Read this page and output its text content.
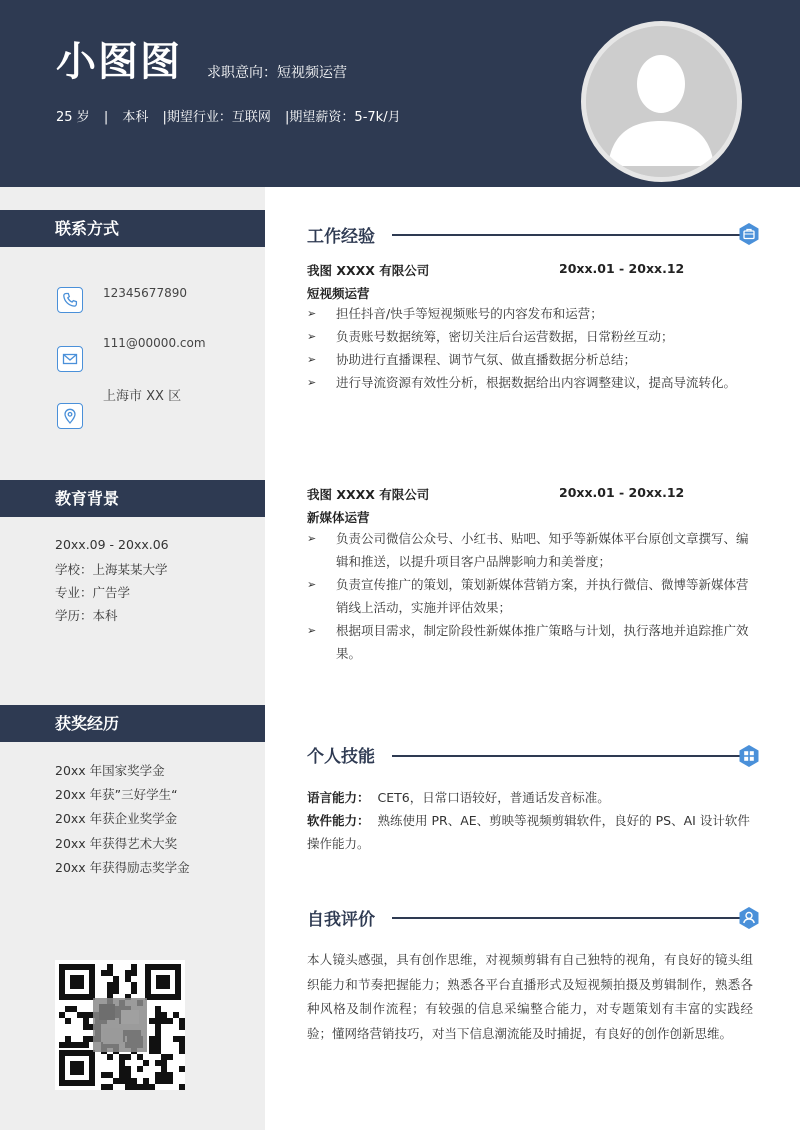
小图图 求职意向：短视频运营
25 岁 | 本科 |期望行业：互联网 |期望薪资：5-7k/月
联系方式
12345677890
111@00000.com
上海市 XX 区
教育背景
20xx.09 - 20xx.06
学校：上海某某大学
专业：广告学
学历：本科
获奖经历
20xx 年国家奖学金
20xx 年获”三好学生“
20xx 年获企业奖学金
20xx 年获得艺术大奖
20xx 年获得励志奖学金
工作经验
我图 XXXX 有限公司	20xx.01 - 20xx.12
短视频运营
➢ 担任抖音/快手等短视频账号的内容发布和运营；
➢ 负责账号数据统筹，密切关注后台运营数据，日常粉丝互动；
➢ 协助进行直播课程、调节气氛、做直播数据分析总结；
➢ 进行导流资源有效性分析，根据数据给出内容调整建议，提高导流转化。
我图 XXXX 有限公司	20xx.01 - 20xx.12
新媒体运营
➢ 负责公司微信公众号、小红书、贴吧、知乎等新媒体平台原创文章撰写、编辑和推送，以提升项目客户品牌影响力和美誉度；
➢ 负责宣传推广的策划，策划新媒体营销方案，并执行微信、微博等新媒体营销线上活动，实施并评估效果；
➢ 根据项目需求，制定阶段性新媒体推广策略与计划，执行落地并追踪推广效果。
个人技能
语言能力： CET6，日常口语较好，普通话发音标准。
软件能力： 熟练使用 PR、AE、剪映等视频剪辑软件，良好的 PS、AI 设计软件操作能力。
自我评价
本人镜头感强，具有创作思维，对视频剪辑有自己独特的视角，有良好的镜头组织能力和节奏把握能力；熟悉各平台直播形式及短视频拍摄及剪辑制作，熟悉各种风格及制作流程；有较强的信息采编整合能力，对专题策划有丰富的实践经验；懂网络营销技巧，对当下信息潮流能及时捕捉，有良好的创作创新思维。
